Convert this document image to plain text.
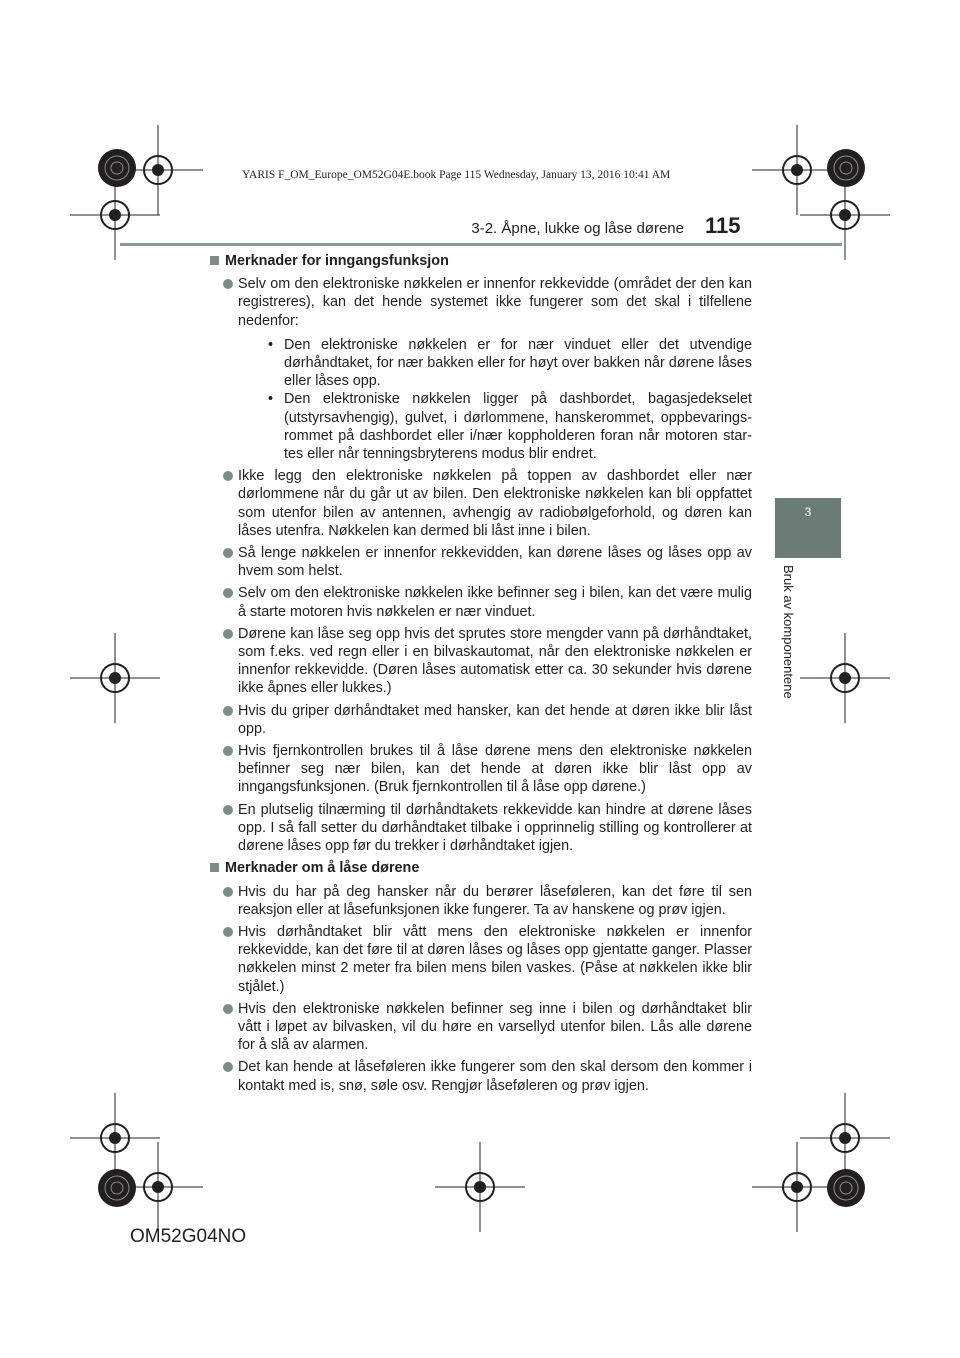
YARIS F_OM_Europe_OM52G04E.book Page 115 Wednesday, January 13, 2016 10:41 AM
3-2. Åpne, lukke og låse dørene 115
3
Bruk av komponentene
Merknader for inngangsfunksjon
Selv om den elektroniske nøkkelen er innenfor rekkevidde (området der den kan registreres), kan det hende systemet ikke fungerer som det skal i tilfellene nedenfor:
• Den elektroniske nøkkelen er for nær vinduet eller det utvendige dørhåndtaket, for nær bakken eller for høyt over bakken når dørene låses eller låses opp.
• Den elektroniske nøkkelen ligger på dashbordet, bagasjedekselet (utstyrsavhengig), gulvet, i dørlommene, hanskerommet, oppbevarings-rommet på dashbordet eller i/nær koppholderen foran når motoren star-tes eller når tenningsbryterens modus blir endret.
Ikke legg den elektroniske nøkkelen på toppen av dashbordet eller nær dørlommene når du går ut av bilen. Den elektroniske nøkkelen kan bli oppfattet som utenfor bilen av antennen, avhengig av radiobølgeforhold, og døren kan låses utenfra. Nøkkelen kan dermed bli låst inne i bilen.
Så lenge nøkkelen er innenfor rekkevidden, kan dørene låses og låses opp av hvem som helst.
Selv om den elektroniske nøkkelen ikke befinner seg i bilen, kan det være mulig å starte motoren hvis nøkkelen er nær vinduet.
Dørene kan låse seg opp hvis det sprutes store mengder vann på dørhåndtaket, som f.eks. ved regn eller i en bilvaskautomat, når den elektroniske nøkkelen er innenfor rekkevidde. (Døren låses automatisk etter ca. 30 sekunder hvis dørene ikke åpnes eller lukkes.)
Hvis du griper dørhåndtaket med hansker, kan det hende at døren ikke blir låst opp.
Hvis fjernkontrollen brukes til å låse dørene mens den elektroniske nøkkelen befinner seg nær bilen, kan det hende at døren ikke blir låst opp av inngangsfunksjonen. (Bruk fjernkontrollen til å låse opp dørene.)
En plutselig tilnærming til dørhåndtakets rekkevidde kan hindre at dørene låses opp. I så fall setter du dørhåndtaket tilbake i opprinnelig stilling og kontrollerer at dørene låses opp før du trekker i dørhåndtaket igjen.
Merknader om å låse dørene
Hvis du har på deg hansker når du berører låseføleren, kan det føre til sen reaksjon eller at låsefunksjonen ikke fungerer. Ta av hanskene og prøv igjen.
Hvis dørhåndtaket blir vått mens den elektroniske nøkkelen er innenfor rekkevidde, kan det føre til at døren låses og låses opp gjentatte ganger. Plasser nøkkelen minst 2 meter fra bilen mens bilen vaskes. (Påse at nøkkelen ikke blir stjålet.)
Hvis den elektroniske nøkkelen befinner seg inne i bilen og dørhåndtaket blir vått i løpet av bilvasken, vil du høre en varsellyd utenfor bilen. Lås alle dørene for å slå av alarmen.
Det kan hende at låseføleren ikke fungerer som den skal dersom den kommer i kontakt med is, snø, søle osv. Rengjør låseføleren og prøv igjen.
OM52G04NO
